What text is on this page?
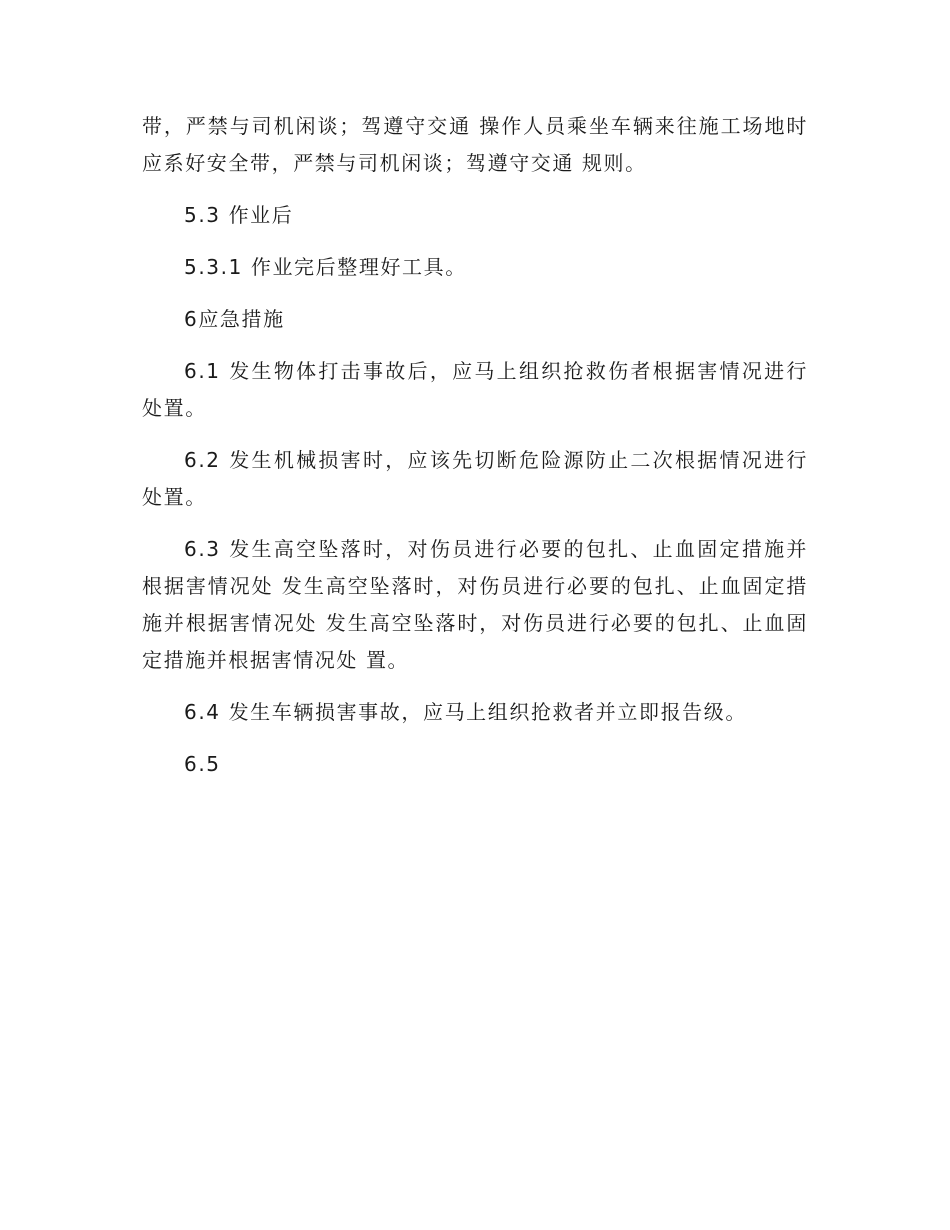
带，严禁与司机闲谈；驾遵守交通 操作人员乘坐车辆来往施工场地时应系好安全带，严禁与司机闲谈；驾遵守交通 规则。

5.3 作业后

5.3.1 作业完后整理好工具。

6应急措施

6.1 发生物体打击事故后，应马上组织抢救伤者根据害情况进行处置。

6.2 发生机械损害时，应该先切断危险源防止二次根据情况进行处置。

6.3 发生高空坠落时，对伤员进行必要的包扎、止血固定措施并根据害情况处 发生高空坠落时，对伤员进行必要的包扎、止血固定措施并根据害情况处 发生高空坠落时，对伤员进行必要的包扎、止血固定措施并根据害情况处 置。

6.4 发生车辆损害事故，应马上组织抢救者并立即报告级。

6.5
